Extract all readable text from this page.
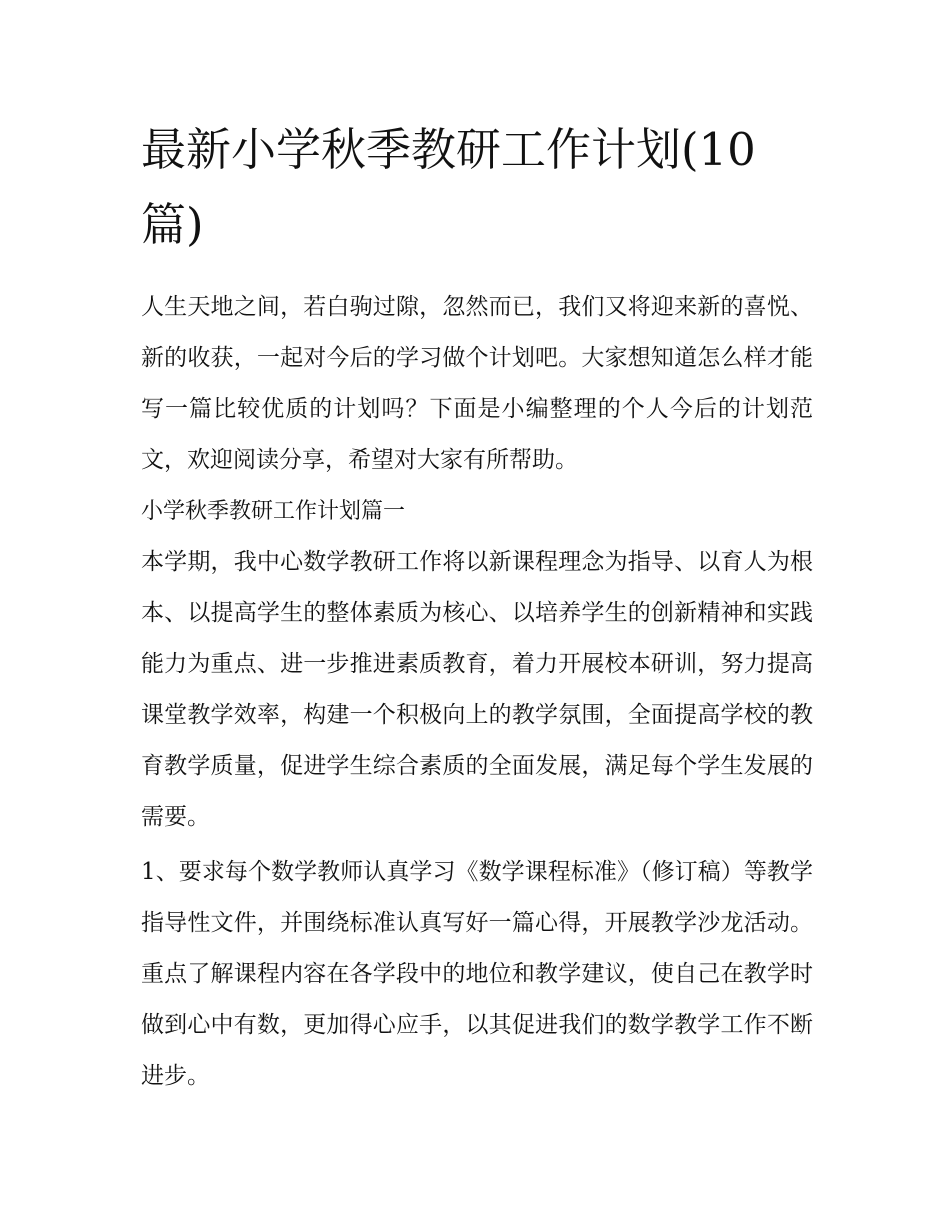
最新小学秋季教研工作计划(10篇)

人生天地之间，若白驹过隙，忽然而已，我们又将迎来新的喜悦、新的收获，一起对今后的学习做个计划吧。大家想知道怎么样才能写一篇比较优质的计划吗？下面是小编整理的个人今后的计划范文，欢迎阅读分享，希望对大家有所帮助。

小学秋季教研工作计划篇一

本学期，我中心数学教研工作将以新课程理念为指导、以育人为根本、以提高学生的整体素质为核心、以培养学生的创新精神和实践能力为重点、进一步推进素质教育，着力开展校本研训，努力提高课堂教学效率，构建一个积极向上的教学氛围，全面提高学校的教育教学质量，促进学生综合素质的全面发展，满足每个学生发展的需要。

1、要求每个数学教师认真学习《数学课程标准》（修订稿）等教学指导性文件，并围绕标准认真写好一篇心得，开展教学沙龙活动。重点了解课程内容在各学段中的地位和教学建议，使自己在教学时做到心中有数，更加得心应手，以其促进我们的数学教学工作不断进步。
